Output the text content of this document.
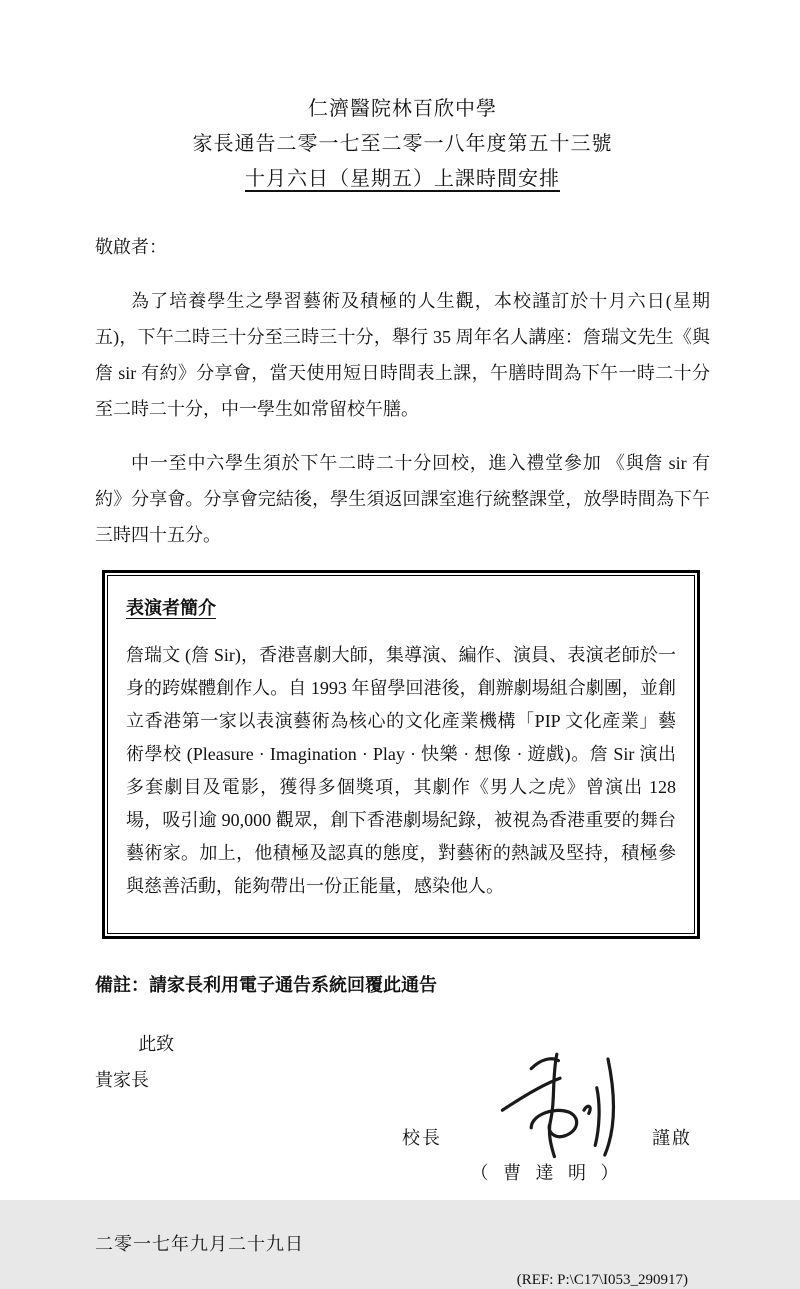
仁濟醫院林百欣中學
家長通告二零一七至二零一八年度第五十三號
十月六日（星期五）上課時間安排
敬啟者：
為了培養學生之學習藝術及積極的人生觀，本校謹訂於十月六日(星期五)，下午二時三十分至三時三十分，舉行 35 周年名人講座：詹瑞文先生《與詹 sir 有約》分享會，當天使用短日時間表上課，午膳時間為下午一時二十分至二時二十分，中一學生如常留校午膳。
中一至中六學生須於下午二時二十分回校，進入禮堂參加 《與詹 sir 有約》分享會。分享會完結後，學生須返回課室進行統整課堂，放學時間為下午三時四十五分。
表演者簡介
詹瑞文 (詹 Sir)，香港喜劇大師，集導演、編作、演員、表演老師於一身的跨媒體創作人。自 1993 年留學回港後，創辦劇場組合劇團，並創立香港第一家以表演藝術為核心的文化產業機構「PIP 文化產業」藝術學校 (Pleasure · Imagination · Play · 快樂 · 想像 · 遊戲)。詹 Sir 演出多套劇目及電影，獲得多個獎項，其劇作《男人之虎》曾演出 128 場，吸引逾 90,000 觀眾，創下香港劇場紀錄，被視為香港重要的舞台藝術家。加上，他積極及認真的態度，對藝術的熱誠及堅持，積極參與慈善活動，能夠帶出一份正能量，感染他人。
備註：請家長利用電子通告系統回覆此通告
此致
貴家長
校長	謹啟
（ 曹 達 明 ）
二零一七年九月二十九日
(REF: P:\C17\I053_290917)
